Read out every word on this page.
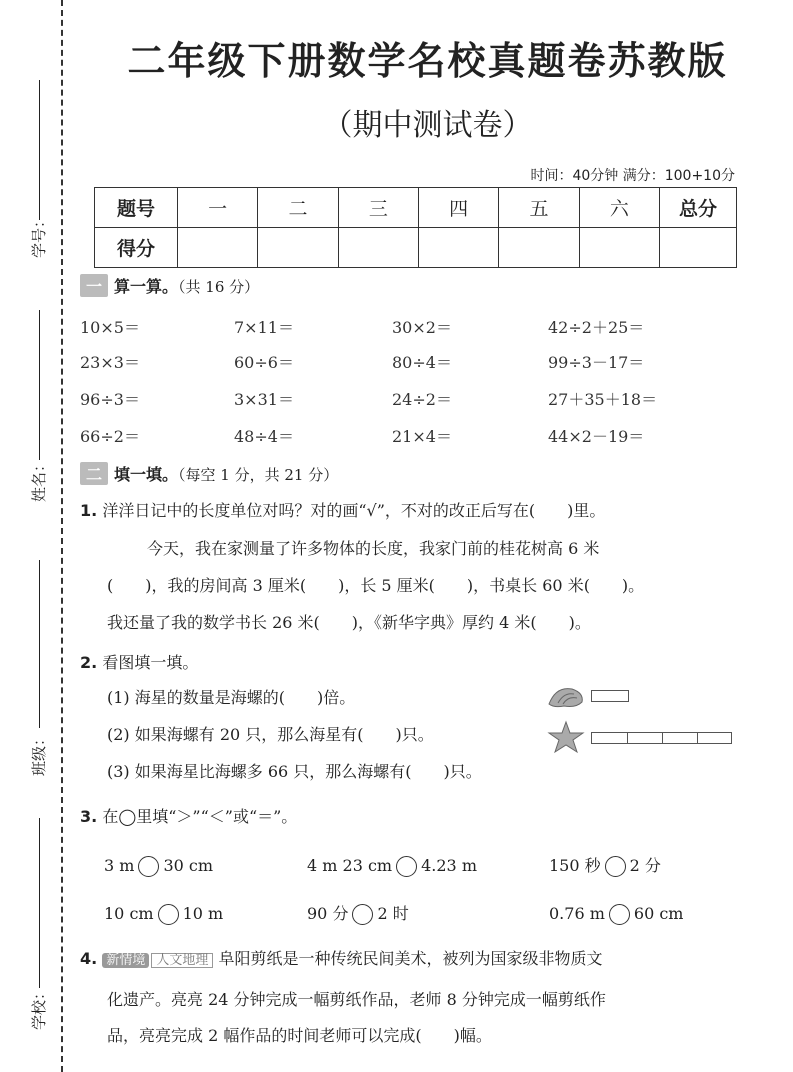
学号：
姓名：
班级：
学校：
二年级下册数学名校真题卷苏教版
（期中测试卷）
时间：40分钟 满分：100+10分
题号	一	二	三	四	五	六	总分
得分							
一 算一算。（共 16 分）
10×5＝	7×11＝	30×2＝	42÷2＋25＝
23×3＝	60÷6＝	80÷4＝	99÷3－17＝
96÷3＝	3×31＝	24÷2＝	27＋35＋18＝
66÷2＝	48÷4＝	21×4＝	44×2－19＝
二 填一填。（每空 1 分，共 21 分）
1. 洋洋日记中的长度单位对吗？对的画“√”，不对的改正后写在(　　)里。
今天，我在家测量了许多物体的长度，我家门前的桂花树高 6 米
(　　)，我的房间高 3 厘米(　　)，长 5 厘米(　　)，书桌长 60 米(　　)。
我还量了我的数学书长 26 米(　　)，《新华字典》厚约 4 米(　　)。
2. 看图填一填。
(1) 海星的数量是海螺的(　　)倍。
(2) 如果海螺有 20 只，那么海星有(　　)只。
(3) 如果海星比海螺多 66 只，那么海螺有(　　)只。
3. 在◯里填“＞”“＜”或“＝”。
3 m 30 cm	4 m 23 cm 4.23 m	150 秒 2 分
10 cm 10 m	90 分 2 时	0.76 m 60 cm
4. 新情境 人文地理 阜阳剪纸是一种传统民间美术，被列为国家级非物质文
化遗产。亮亮 24 分钟完成一幅剪纸作品，老师 8 分钟完成一幅剪纸作
品，亮亮完成 2 幅作品的时间老师可以完成(　　)幅。
